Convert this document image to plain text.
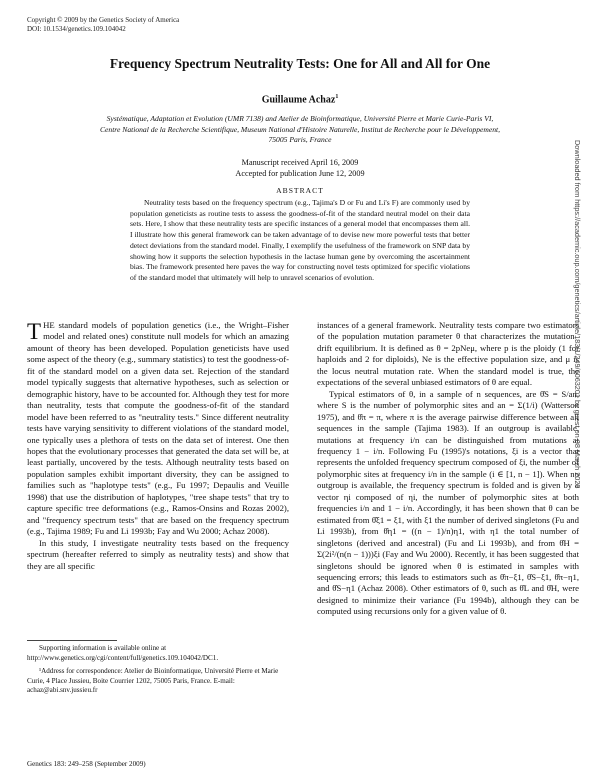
Copyright © 2009 by the Genetics Society of America
DOI: 10.1534/genetics.109.104042
Frequency Spectrum Neutrality Tests: One for All and All for One
Guillaume Achaz$^1$
Systématique, Adaptation et Evolution (UMR 7138) and Atelier de Bioinformatique, Université Pierre et Marie Curie-Paris VI,
Centre National de la Recherche Scientifique, Museum National d'Histoire Naturelle, Institut de Recherche pour le Développement,
75005 Paris, France
Manuscript received April 16, 2009
Accepted for publication June 12, 2009
ABSTRACT
Neutrality tests based on the frequency spectrum (e.g., Tajima's D or Fu and Li's F) are commonly used by population geneticists as routine tests to assess the goodness-of-fit of the standard neutral model on their data sets. Here, I show that these neutrality tests are specific instances of a general model that encompasses them all. I illustrate how this general framework can be taken advantage of to devise new more powerful tests that better detect deviations from the standard model. Finally, I exemplify the usefulness of the framework on SNP data by showing how it supports the selection hypothesis in the lactase human gene by overcoming the ascertainment bias. The framework presented here paves the way for constructing novel tests optimized for specific violations of the standard model that ultimately will help to unravel scenarios of evolution.

THE standard models of population genetics (i.e., the Wright–Fisher model and related ones) constitute null models for which an amazing amount of theory has been developed. Population geneticists have used some aspect of the theory (e.g., summary statistics) to test the goodness-of-fit of the standard model on a given data set. Rejection of the standard model typically suggests that alternative hypotheses, such as selection or demographic history, have to be accounted for. Although they test for more than neutrality, tests that compute the goodness-of-fit of the standard model have been referred to as "neutrality tests." Since different neutrality tests have varying sensitivity to different violations of the standard model, one typically uses a plethora of tests on the data set of interest. One then hopes that the evolutionary processes that generated the data set will be, at least partially, uncovered by the tests. Although neutrality tests based on population samples exhibit important diversity, they can be assigned to families such as "haplotype tests" (e.g., Fu 1997; Depaulis and Veuille 1998) that use the distribution of haplotypes, "tree shape tests" that try to capture specific tree deformations (e.g., Ramos-Onsins and Rozas 2002), and "frequency spectrum tests" that are based on the frequency spectrum (e.g., Tajima 1989; Fu and Li 1993b; Fay and Wu 2000; Achaz 2008).

In this study, I investigate neutrality tests based on the frequency spectrum (hereafter referred to simply as neutrality tests) and show that they are all specific

instances of a general framework. Neutrality tests compare two estimators of the population mutation parameter θ that characterizes the mutation–drift equilibrium. It is defined as θ = 2pNeμ, where p is the ploidy (1 for haploids and 2 for diploids), Ne is the effective population size, and μ is the locus neutral mutation rate. When the standard model is true, the expectations of the several unbiased estimators of θ are equal.

Typical estimators of θ, in a sample of n sequences, are θ̂S = S/an, where S is the number of polymorphic sites and an = Σ(1/i) (Watterson 1975), and θ̂π = π, where π is the average pairwise difference between all sequences in the sample (Tajima 1983). If an outgroup is available, mutations at frequency i/n can be distinguished from mutations at frequency 1 − i/n. Following Fu (1995)'s notations, ξi is a vector that represents the unfolded frequency spectrum composed of ξi, the number of polymorphic sites at frequency i/n in the sample (i ∈ [1, n − 1]). When no outgroup is available, the frequency spectrum is folded and is given by a vector ηi composed of ηi, the number of polymorphic sites at both frequencies i/n and 1 − i/n. Accordingly, it has been shown that θ can be estimated from θ̂ξ1 = ξ1, with ξ1 the number of derived singletons (Fu and Li 1993b), from θ̂η1 = ((n − 1)/n)η1, with η1 the total number of singletons (derived and ancestral) (Fu and Li 1993b), and from θ̂H = Σ(2i²/(n(n − 1)))ξi (Fay and Wu 2000). Recently, it has been suggested that singletons should be ignored when θ is estimated in samples with sequencing errors; this leads to estimators such as θ̂π−ξ1, θ̂S−ξ1, θ̂π−η1, and θ̂S−η1 (Achaz 2008). Other estimators of θ, such as θ̂L and θ̂H, were designed to minimize their variance (Fu 1994b), although they can be computed using recursions only for a given value of θ.

Supporting information is available online at http://www.genetics.org/cgi/content/full/genetics.109.104042/DC1.

¹Address for correspondence: Atelier de Bioinformatique, Université Pierre et Marie Curie, 4 Place Jussieu, Boite Courrier 1202, 75005 Paris, France. E-mail: achaz@abi.snv.jussieu.fr

Genetics 183: 249–258 (September 2009)
Downloaded from https://academic.oup.com/genetics/article/183/1/249/6063201 by guest on 08 March 2023
